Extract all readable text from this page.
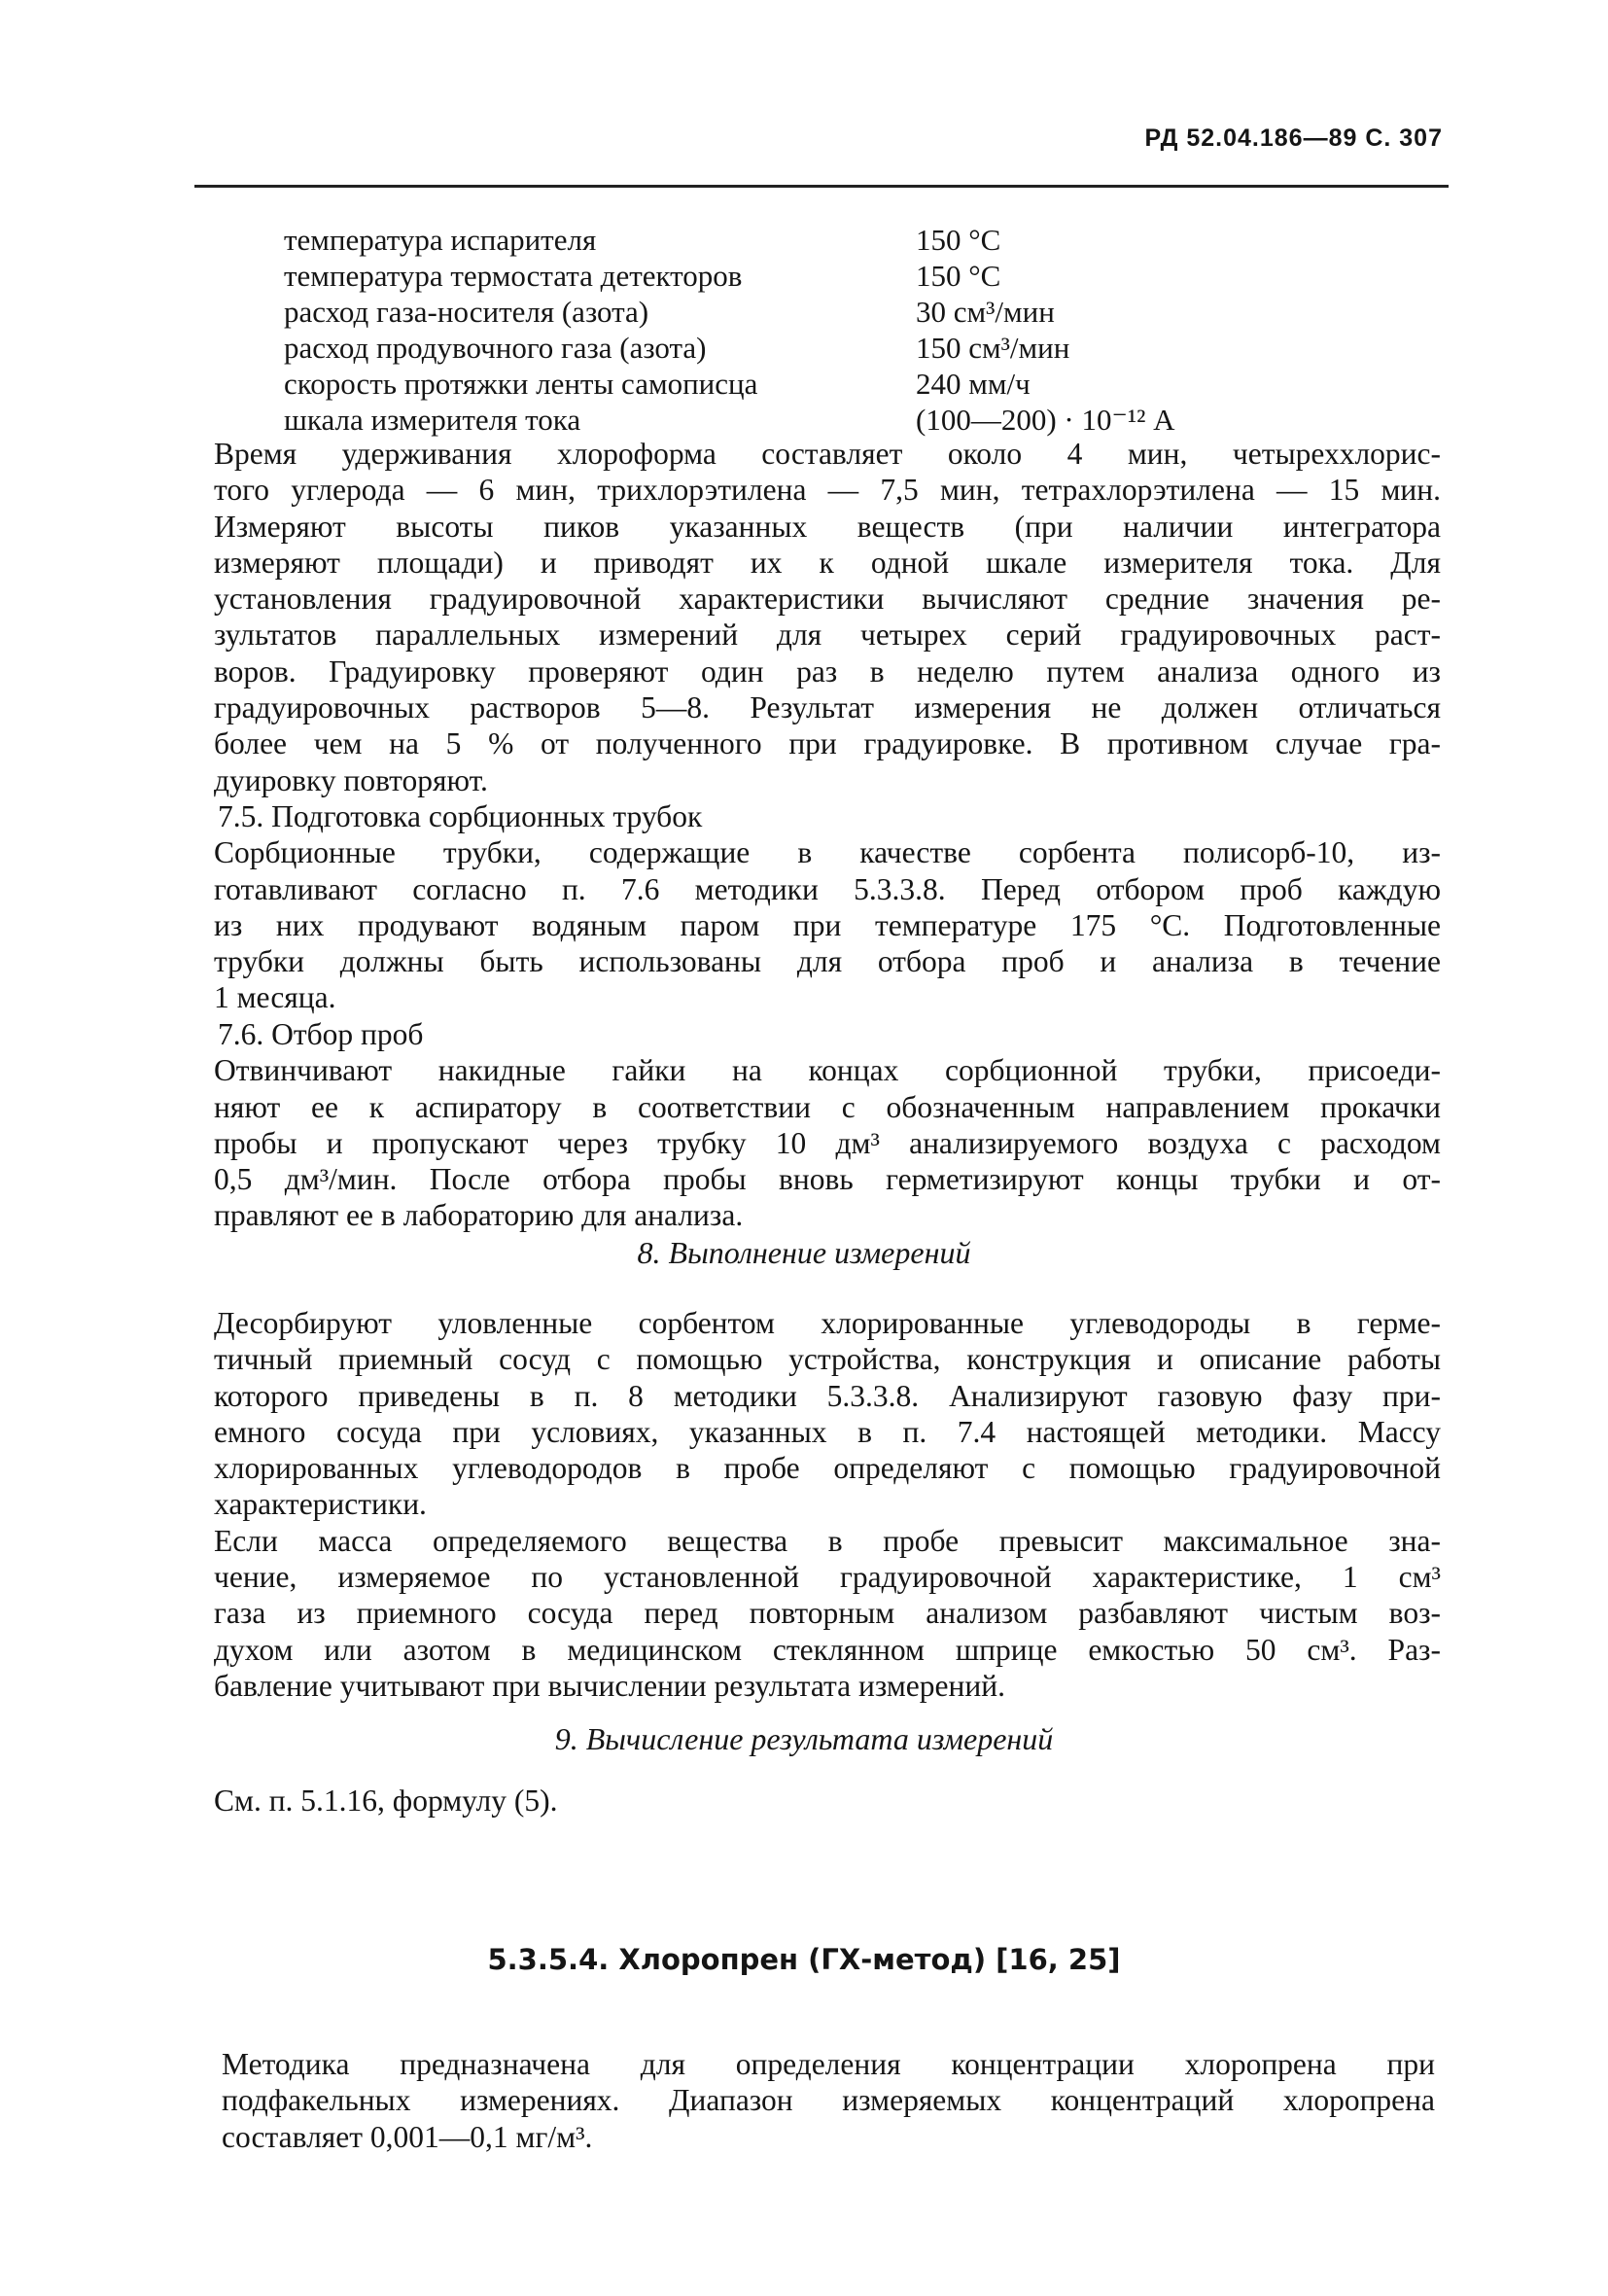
РД 52.04.186—89 С. 307
температура испарителя	150 °С
температура термостата детекторов	150 °С
расход газа-носителя (азота)	30 см³/мин
расход продувочного газа (азота)	150 см³/мин
скорость протяжки ленты самописца	240 мм/ч
шкала измерителя тока	(100—200) · 10⁻¹² А
Время удерживания хлороформа составляет около 4 мин, четыреххлорис-
того углерода — 6 мин, трихлорэтилена — 7,5 мин, тетрахлорэтилена — 15 мин.
Измеряют высоты пиков указанных веществ (при наличии интегратора
измеряют площади) и приводят их к одной шкале измерителя тока. Для
установления градуировочной характеристики вычисляют средние значения ре-
зультатов параллельных измерений для четырех серий градуировочных раст-
воров. Градуировку проверяют один раз в неделю путем анализа одного из
градуировочных растворов 5—8. Результат измерения не должен отличаться
более чем на 5 % от полученного при градуировке. В противном случае гра-
дуировку повторяют.
7.5. Подготовка сорбционных трубок
Сорбционные трубки, содержащие в качестве сорбента полисорб-10, из-
готавливают согласно п. 7.6 методики 5.3.3.8. Перед отбором проб каждую
из них продувают водяным паром при температуре 175 °С. Подготовленные
трубки должны быть использованы для отбора проб и анализа в течение
1 месяца.
7.6. Отбор проб
Отвинчивают накидные гайки на концах сорбционной трубки, присоеди-
няют ее к аспиратору в соответствии с обозначенным направлением прокачки
пробы и пропускают через трубку 10 дм³ анализируемого воздуха с расходом
0,5 дм³/мин. После отбора пробы вновь герметизируют концы трубки и от-
правляют ее в лабораторию для анализа.
8. Выполнение измерений
Десорбируют уловленные сорбентом хлорированные углеводороды в герме-
тичный приемный сосуд с помощью устройства, конструкция и описание работы
которого приведены в п. 8 методики 5.3.3.8. Анализируют газовую фазу при-
емного сосуда при условиях, указанных в п. 7.4 настоящей методики. Массу
хлорированных углеводородов в пробе определяют с помощью градуировочной
характеристики.
Если масса определяемого вещества в пробе превысит максимальное зна-
чение, измеряемое по установленной градуировочной характеристике, 1 см³
газа из приемного сосуда перед повторным анализом разбавляют чистым воз-
духом или азотом в медицинском стеклянном шприце емкостью 50 см³. Раз-
бавление учитывают при вычислении результата измерений.
9. Вычисление результата измерений
См. п. 5.1.16, формулу (5).
5.3.5.4. Хлоропрен (ГХ-метод) [16, 25]
Методика предназначена для определения концентрации хлоропрена при
подфакельных измерениях. Диапазон измеряемых концентраций хлоропрена
составляет 0,001—0,1 мг/м³.
